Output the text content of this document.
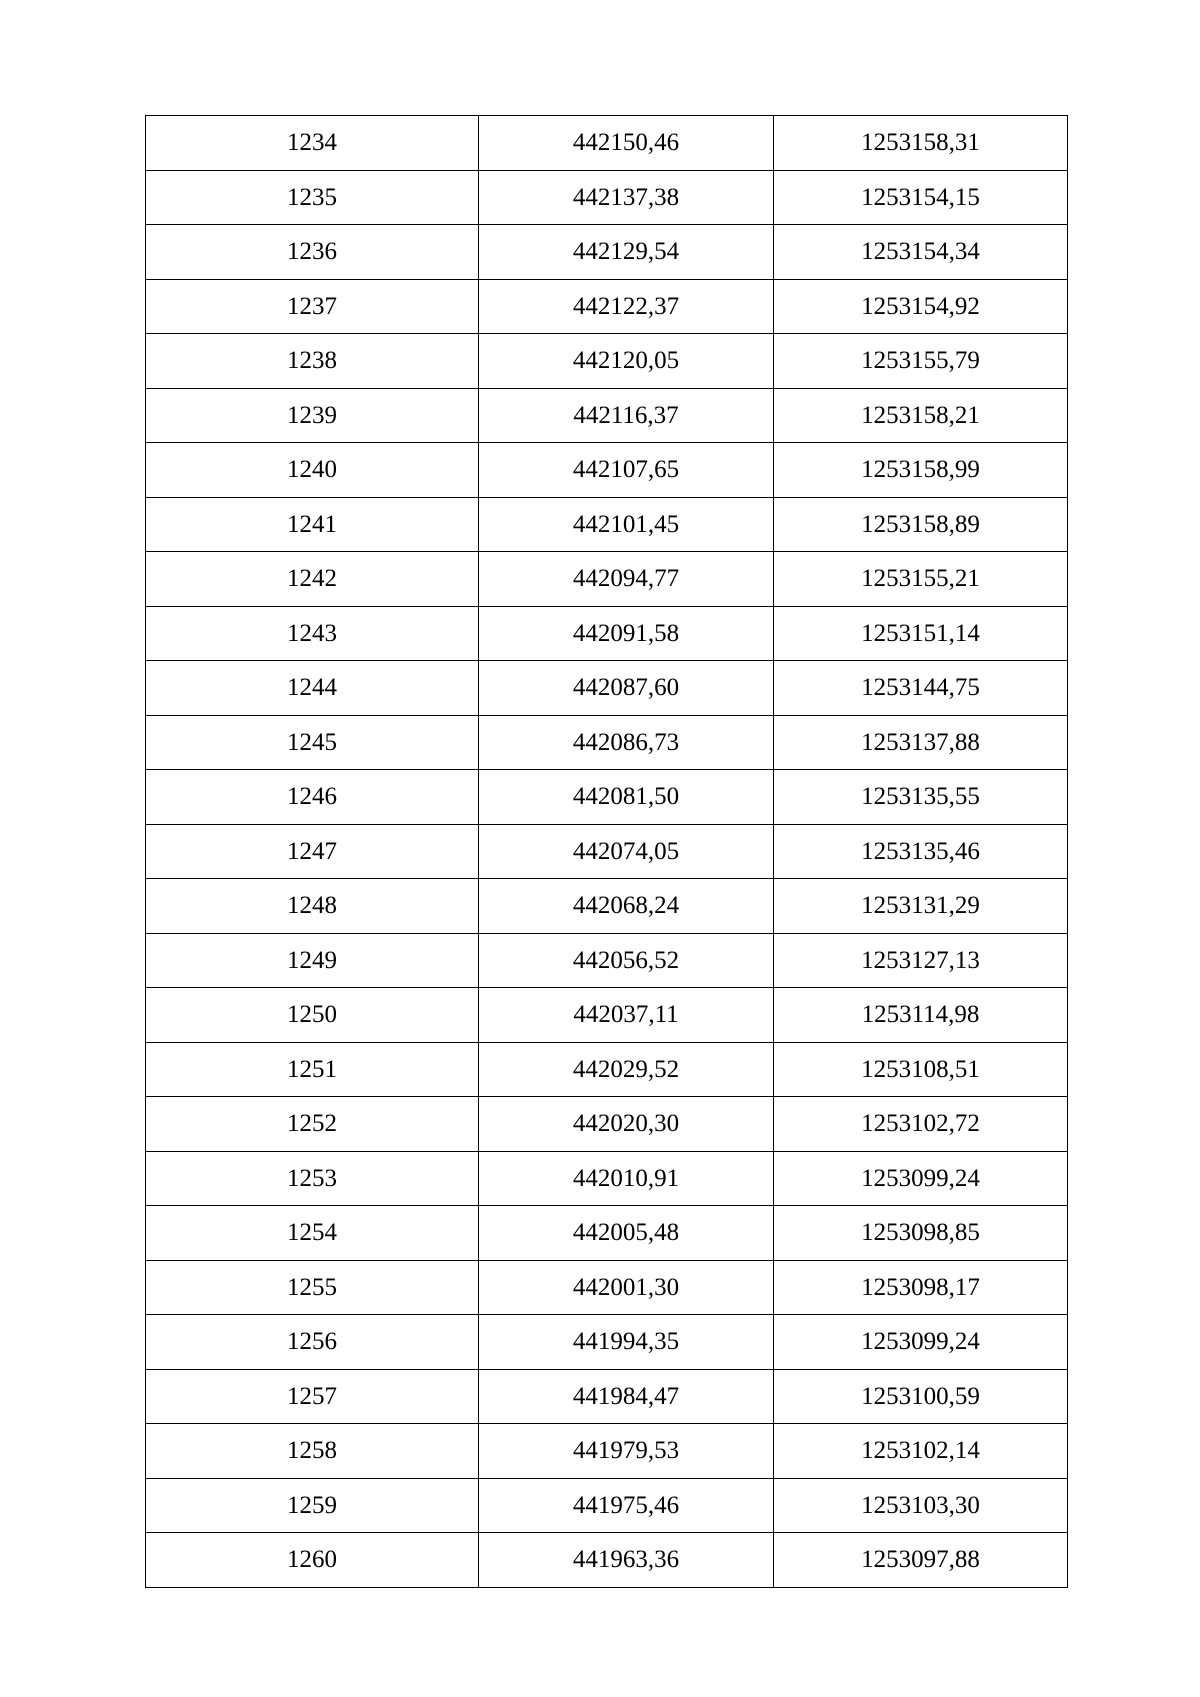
1234	442150,46	1253158,31
1235	442137,38	1253154,15
1236	442129,54	1253154,34
1237	442122,37	1253154,92
1238	442120,05	1253155,79
1239	442116,37	1253158,21
1240	442107,65	1253158,99
1241	442101,45	1253158,89
1242	442094,77	1253155,21
1243	442091,58	1253151,14
1244	442087,60	1253144,75
1245	442086,73	1253137,88
1246	442081,50	1253135,55
1247	442074,05	1253135,46
1248	442068,24	1253131,29
1249	442056,52	1253127,13
1250	442037,11	1253114,98
1251	442029,52	1253108,51
1252	442020,30	1253102,72
1253	442010,91	1253099,24
1254	442005,48	1253098,85
1255	442001,30	1253098,17
1256	441994,35	1253099,24
1257	441984,47	1253100,59
1258	441979,53	1253102,14
1259	441975,46	1253103,30
1260	441963,36	1253097,88
